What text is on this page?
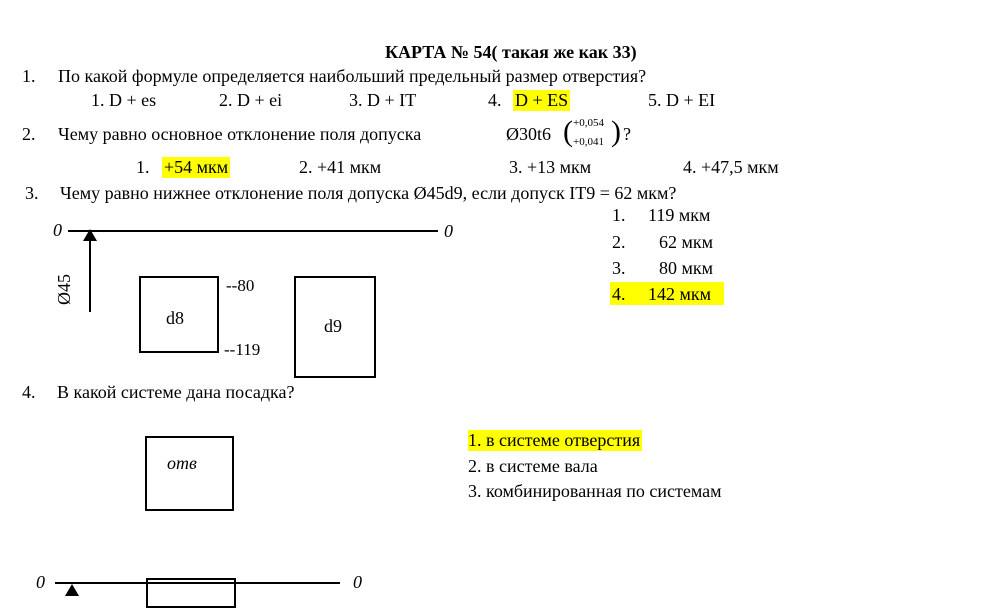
КАРТА № 54( такая же как 33)
1. По какой формуле определяется наибольший предельный размер отверстия?
1. D + es	2. D + ei	3. D + IT	4. D + ES	5. D + EI
2. Чему равно основное отклонение поля допуска	Ø30t6 ( +0,054
+0,041 ) ?
1. +54 мкм	2. +41 мкм	3. +13 мкм	4. +47,5 мкм
3. Чему равно нижнее отклонение поля допуска Ø45d9, если допуск IT9 = 62 мкм?
1. 119 мкм
2. 62 мкм
3. 80 мкм
4. 142 мкм
0	0
Ø45
d8	d9
--80
--119
4. В какой системе дана посадка?
отв
1. в системе отверстия
2. в системе вала
3. комбинированная по системам
0	0
